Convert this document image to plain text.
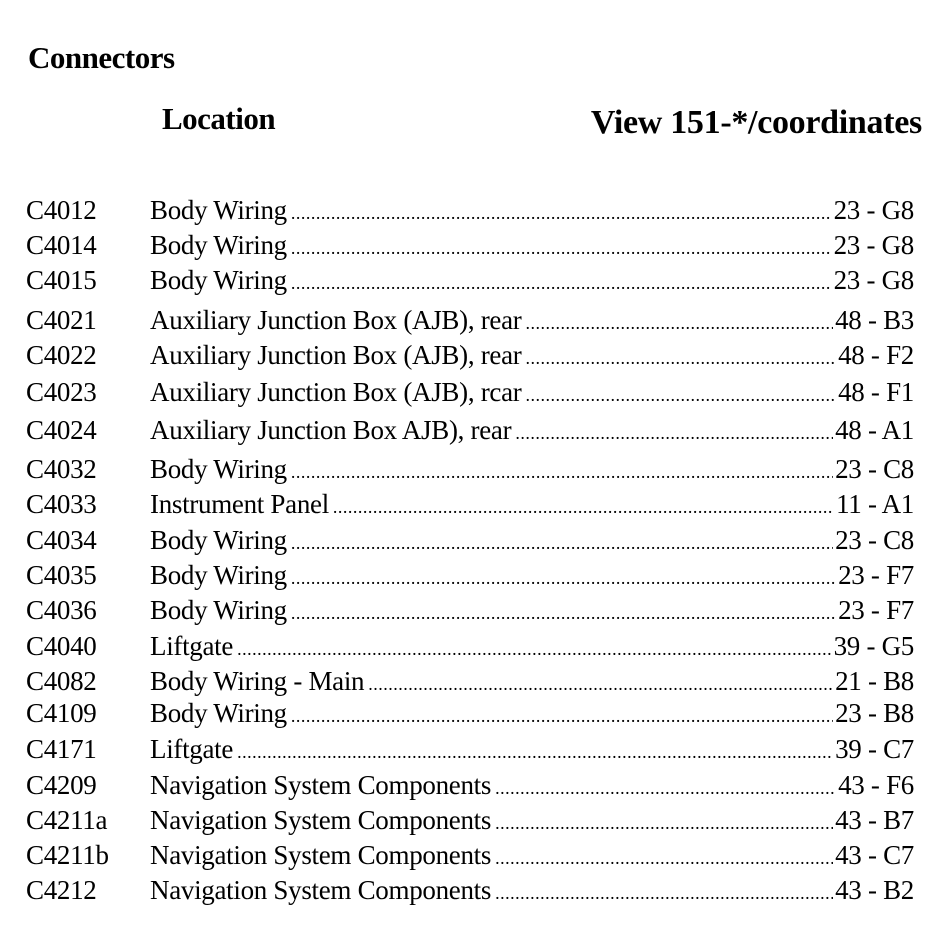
Connectors
Location	View 151-*/coordinates
C4012 Body Wiring .....	23 - G8
C4014 Body Wiring .....	23 - G8
C4015 Body Wiring .....	23 - G8
C4021 Auxiliary Junction Box (AJB), rear .....	48 - B3
C4022 Auxiliary Junction Box (AJB), rear .....	48 - F2
C4023 Auxiliary Junction Box (AJB), rcar .....	48 - F1
C4024 Auxiliary Junction Box AJB), rear .....	48 - A1
C4032 Body Wiring .....	23 - C8
C4033 Instrument Panel .....	11 - A1
C4034 Body Wiring .....	23 - C8
C4035 Body Wiring .....	23 - F7
C4036 Body Wiring .....	23 - F7
C4040 Liftgate .....	39 - G5
C4082 Body Wiring - Main .....	21 - B8
C4109 Body Wiring .....	23 - B8
C4171 Liftgate .....	39 - C7
C4209 Navigation System Components .....	43 - F6
C4211a Navigation System Components .....	43 - B7
C4211b Navigation System Components .....	43 - C7
C4212 Navigation System Components .....	43 - B2
